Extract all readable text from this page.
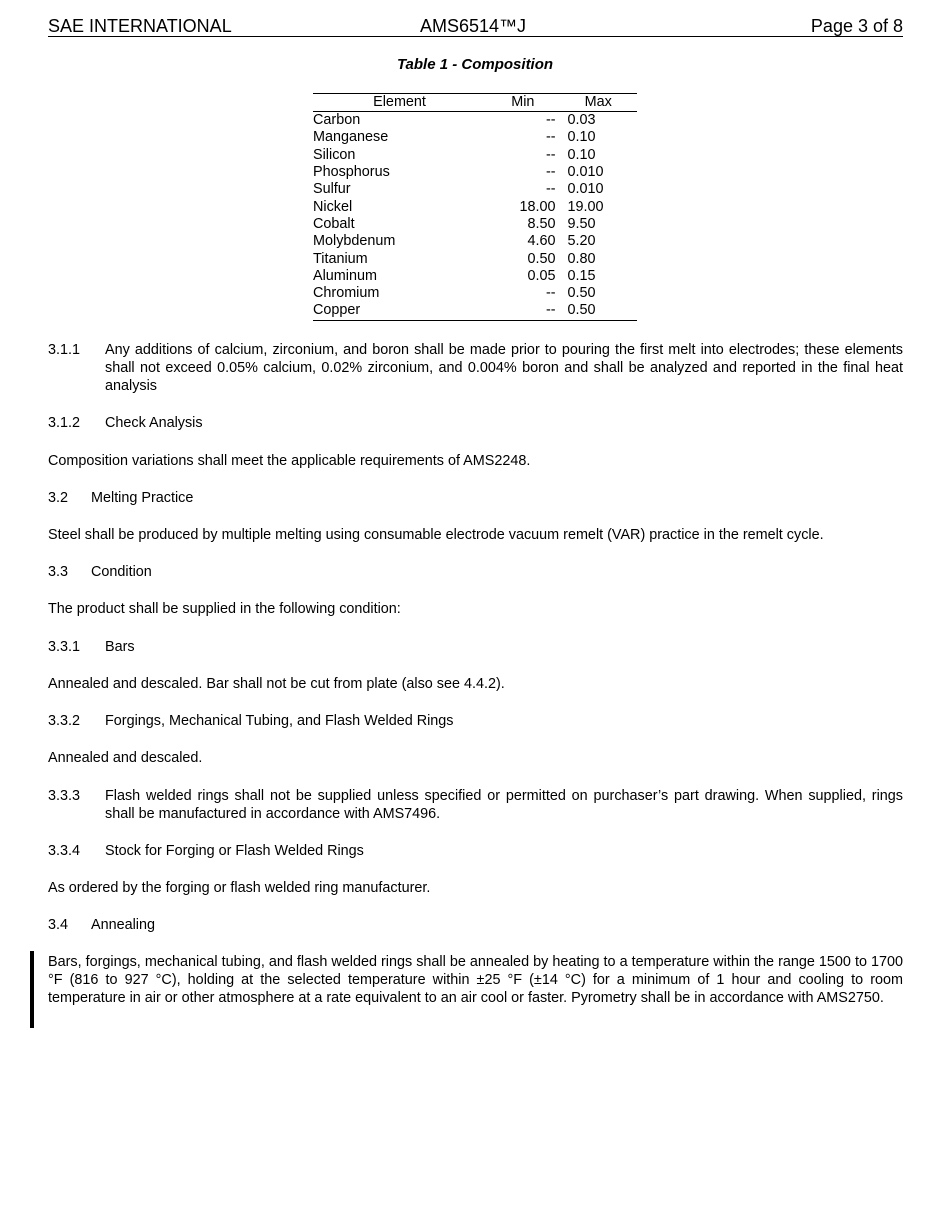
SAE INTERNATIONAL	AMS6514™J	Page 3 of 8
Table 1 - Composition
Element	Min	Max
Carbon	--	0.03
Manganese	--	0.10
Silicon	--	0.10
Phosphorus	--	0.010
Sulfur	--	0.010
Nickel	18.00	19.00
Cobalt	8.50	9.50
Molybdenum	4.60	5.20
Titanium	0.50	0.80
Aluminum	0.05	0.15
Chromium	--	0.50
Copper	--	0.50
3.1.1	Any additions of calcium, zirconium, and boron shall be made prior to pouring the first melt into electrodes; these elements shall not exceed 0.05% calcium, 0.02% zirconium, and 0.004% boron and shall be analyzed and reported in the final heat analysis
3.1.2 Check Analysis
Composition variations shall meet the applicable requirements of AMS2248.
3.2 Melting Practice
Steel shall be produced by multiple melting using consumable electrode vacuum remelt (VAR) practice in the remelt cycle.
3.3 Condition
The product shall be supplied in the following condition:
3.3.1 Bars
Annealed and descaled. Bar shall not be cut from plate (also see 4.4.2).
3.3.2 Forgings, Mechanical Tubing, and Flash Welded Rings
Annealed and descaled.
3.3.3	Flash welded rings shall not be supplied unless specified or permitted on purchaser’s part drawing. When supplied, rings shall be manufactured in accordance with AMS7496.
3.3.4 Stock for Forging or Flash Welded Rings
As ordered by the forging or flash welded ring manufacturer.
3.4 Annealing
Bars, forgings, mechanical tubing, and flash welded rings shall be annealed by heating to a temperature within the range 1500 to 1700 °F (816 to 927 °C), holding at the selected temperature within ±25 °F (±14 °C) for a minimum of 1 hour and cooling to room temperature in air or other atmosphere at a rate equivalent to an air cool or faster. Pyrometry shall be in accordance with AMS2750.
